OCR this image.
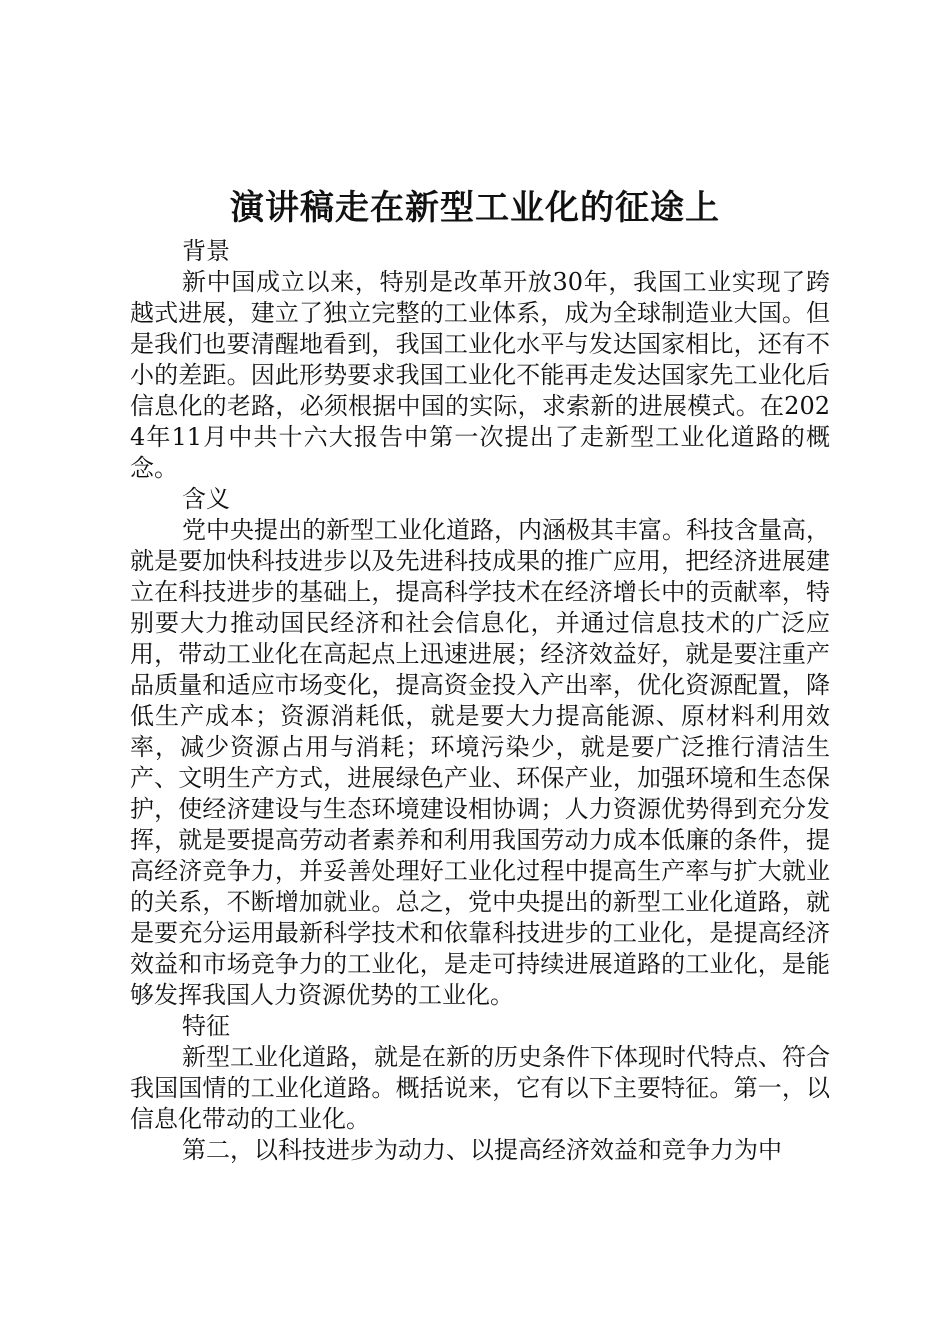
演讲稿走在新型工业化的征途上

背景

新中国成立以来，特别是改革开放30年，我国工业实现了跨越式进展，建立了独立完整的工业体系，成为全球制造业大国。但是我们也要清醒地看到，我国工业化水平与发达国家相比，还有不小的差距。因此形势要求我国工业化不能再走发达国家先工业化后信息化的老路，必须根据中国的实际，求索新的进展模式。在2024年11月中共十六大报告中第一次提出了走新型工业化道路的概念。

含义

党中央提出的新型工业化道路，内涵极其丰富。科技含量高，就是要加快科技进步以及先进科技成果的推广应用，把经济进展建立在科技进步的基础上，提高科学技术在经济增长中的贡献率，特别要大力推动国民经济和社会信息化，并通过信息技术的广泛应用，带动工业化在高起点上迅速进展；经济效益好，就是要注重产品质量和适应市场变化，提高资金投入产出率，优化资源配置，降低生产成本；资源消耗低，就是要大力提高能源、原材料利用效率，减少资源占用与消耗；环境污染少，就是要广泛推行清洁生产、文明生产方式，进展绿色产业、环保产业，加强环境和生态保护，使经济建设与生态环境建设相协调；人力资源优势得到充分发挥，就是要提高劳动者素养和利用我国劳动力成本低廉的条件，提高经济竞争力，并妥善处理好工业化过程中提高生产率与扩大就业的关系，不断增加就业。总之，党中央提出的新型工业化道路，就是要充分运用最新科学技术和依靠科技进步的工业化，是提高经济效益和市场竞争力的工业化，是走可持续进展道路的工业化，是能够发挥我国人力资源优势的工业化。

特征

新型工业化道路，就是在新的历史条件下体现时代特点、符合我国国情的工业化道路。概括说来，它有以下主要特征。第一，以信息化带动的工业化。

第二，以科技进步为动力、以提高经济效益和竞争力为中
